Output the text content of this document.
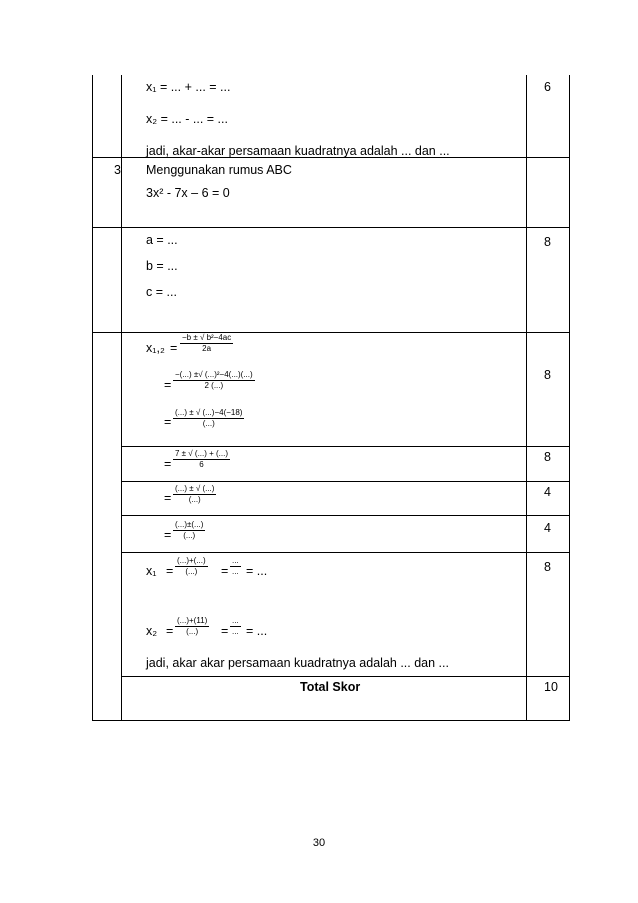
x₁ = ... + ... = ...
x₂ = ... - ... = ...
jadi, akar-akar persamaan kuadratnya adalah ... dan ...
6
3 Menggunakan rumus ABC
3x² - 7x – 6 = 0
a = ...
b = ...
c = ...
8
x₁,₂ =
−b ± √ b²−4ac
2a
=
−(...) ±√ (...)²−4(...)(...)
2 (...)
=
(...) ± √ (...)−4(−18)
(...)
8
=
7 ± √ (...) + (...)
6
8
=
(...) ± √ (...)
(...)
4
=
(...)±(...)
(...)
4
x₁ =
(...)+(...)
(...) =
...
... = ...
x₂ =
(...)+(11)
(...) =
...
... = ...
jadi, akar akar persamaan kuadratnya adalah ... dan ...
8
Total Skor	10
30
